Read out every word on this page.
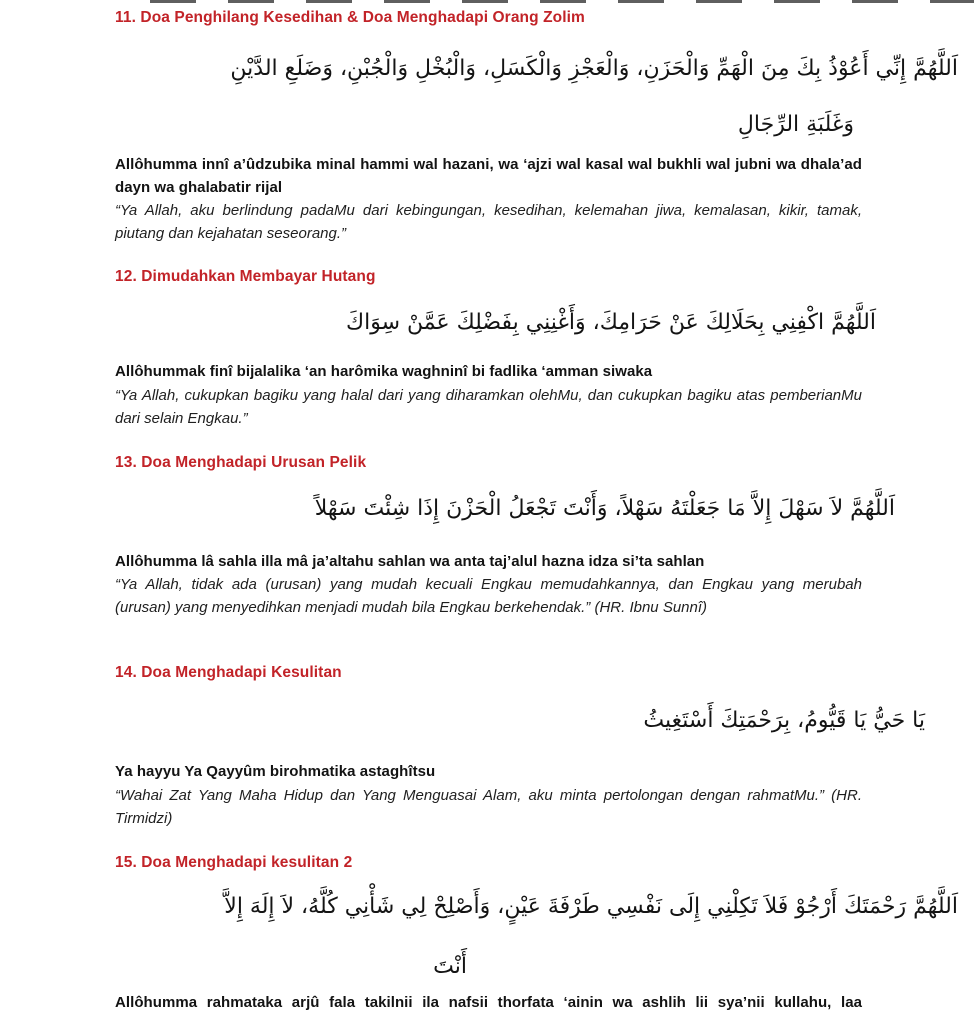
11. Doa Penghilang Kesedihan & Doa Menghadapi Orang Zolim
اَللَّهُمَّ إِنِّي أَعُوْذُ بِكَ مِنَ الْهَمِّ وَالْحَزَنِ، وَالْعَجْزِ وَالْكَسَلِ، وَالْبُخْلِ وَالْجُبْنِ، وَضَلَعِ الدَّيْنِ
وَغَلَبَةِ الرِّجَالِ

Allôhumma innî a’ûdzubika minal hammi wal hazani, wa ‘ajzi wal kasal wal bukhli wal jubni wa dhala’ad dayn wa ghalabatir rijal

“Ya Allah, aku berlindung padaMu dari kebingungan, kesedihan, kelemahan jiwa, kemalasan, kikir, tamak, piutang dan kejahatan seseorang.”

12. Dimudahkan Membayar Hutang
اَللَّهُمَّ اكْفِنِي بِحَلَالِكَ عَنْ حَرَامِكَ، وَأَغْنِنِي بِفَضْلِكَ عَمَّنْ سِوَاكَ

Allôhummak finî bijalalika ‘an harômika waghninî bi fadlika ‘amman siwaka

“Ya Allah, cukupkan bagiku yang halal dari yang diharamkan olehMu, dan cukupkan bagiku atas pemberianMu dari selain Engkau.”

13. Doa Menghadapi Urusan Pelik
اَللَّهُمَّ لاَ سَهْلَ إِلاَّ مَا جَعَلْتَهُ سَهْلاً، وَأَنْتَ تَجْعَلُ الْحَزْنَ إِذَا شِئْتَ سَهْلاً

Allôhumma lâ sahla illa mâ ja’altahu sahlan wa anta taj’alul hazna idza si’ta sahlan

“Ya Allah, tidak ada (urusan) yang mudah kecuali Engkau memudahkannya, dan Engkau yang merubah (urusan) yang menyedihkan menjadi mudah bila Engkau berkehendak.” (HR. Ibnu Sunnî)

14. Doa Menghadapi Kesulitan
يَا حَيُّ يَا قَيُّومُ، بِرَحْمَتِكَ أَسْتَغِيثُ

Ya hayyu Ya Qayyûm birohmatika astaghîtsu

“Wahai Zat Yang Maha Hidup dan Yang Menguasai Alam, aku minta pertolongan dengan rahmatMu.” (HR. Tirmidzi)

15. Doa Menghadapi kesulitan 2
اَللَّهُمَّ رَحْمَتَكَ أَرْجُوْ فَلاَ تَكِلْنِي إِلَى نَفْسِي طَرْفَةَ عَيْنٍ، وَأَصْلِحْ لِي شَأْنِي كُلَّهُ، لاَ إِلَهَ إِلاَّ
أَنْتَ

Allôhumma rahmataka arjû fala takilnii ila nafsii thorfata ‘ainin wa ashlih lii sya’nii kullahu, laa
